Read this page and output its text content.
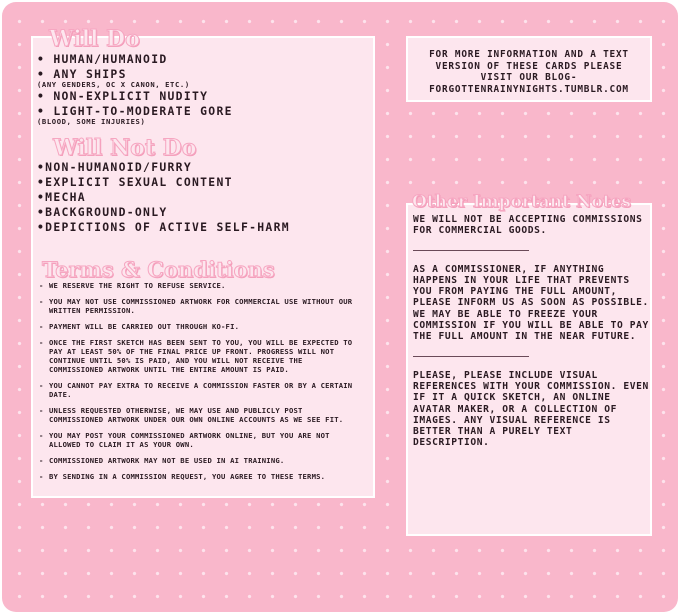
Will Do
• HUMAN/HUMANOID
• ANY SHIPS
(ANY GENDERS, OC X CANON, ETC.)
• NON-EXPLICIT NUDITY
• LIGHT-TO-MODERATE GORE
(BLOOD, SOME INJURIES)
Will Not Do
•NON-HUMANOID/FURRY
•EXPLICIT SEXUAL CONTENT
•MECHA
•BACKGROUND-ONLY
•DEPICTIONS OF ACTIVE SELF-HARM
Terms & Conditions
- WE RESERVE THE RIGHT TO REFUSE SERVICE.
- YOU MAY NOT USE COMMISSIONED ARTWORK FOR COMMERCIAL USE WITHOUT OUR WRITTEN PERMISSION.
- PAYMENT WILL BE CARRIED OUT THROUGH KO-FI.
- ONCE THE FIRST SKETCH HAS BEEN SENT TO YOU, YOU WILL BE EXPECTED TO PAY AT LEAST 50% OF THE FINAL PRICE UP FRONT. PROGRESS WILL NOT CONTINUE UNTIL 50% IS PAID, AND YOU WILL NOT RECEIVE THE COMMISSIONED ARTWORK UNTIL THE ENTIRE AMOUNT IS PAID.
- YOU CANNOT PAY EXTRA TO RECEIVE A COMMISSION FASTER OR BY A CERTAIN DATE.
- UNLESS REQUESTED OTHERWISE, WE MAY USE AND PUBLICLY POST COMMISSIONED ARTWORK UNDER OUR OWN ONLINE ACCOUNTS AS WE SEE FIT.
- YOU MAY POST YOUR COMMISSIONED ARTWORK ONLINE, BUT YOU ARE NOT ALLOWED TO CLAIM IT AS YOUR OWN.
- COMMISSIONED ARTWORK MAY NOT BE USED IN AI TRAINING.
- BY SENDING IN A COMMISSION REQUEST, YOU AGREE TO THESE TERMS.
FOR MORE INFORMATION AND A TEXT
VERSION OF THESE CARDS PLEASE
VISIT OUR BLOG-
FORGOTTENRAINYNIGHTS.TUMBLR.COM
Other Important Notes
WE WILL NOT BE ACCEPTING COMMISSIONS FOR COMMERCIAL GOODS.
AS A COMMISSIONER, IF ANYTHING HAPPENS IN YOUR LIFE THAT PREVENTS YOU FROM PAYING THE FULL AMOUNT, PLEASE INFORM US AS SOON AS POSSIBLE. WE MAY BE ABLE TO FREEZE YOUR COMMISSION IF YOU WILL BE ABLE TO PAY THE FULL AMOUNT IN THE NEAR FUTURE.
PLEASE, PLEASE INCLUDE VISUAL REFERENCES WITH YOUR COMMISSION. EVEN IF IT A QUICK SKETCH, AN ONLINE AVATAR MAKER, OR A COLLECTION OF IMAGES. ANY VISUAL REFERENCE IS BETTER THAN A PURELY TEXT DESCRIPTION.
